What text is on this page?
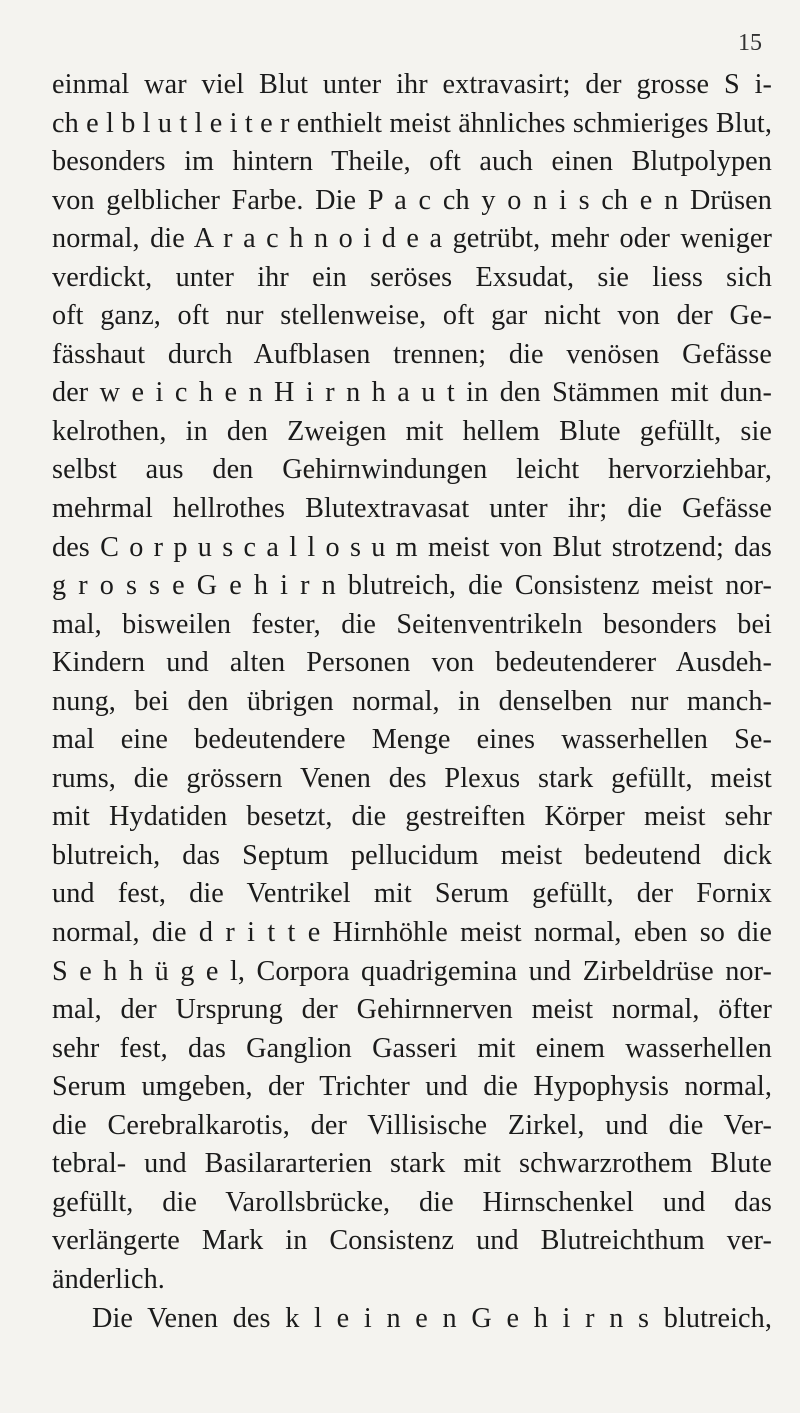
15
einmal war viel Blut unter ihr extravasirt; der grosse S i-
ch e l b l u t l e i t e r enthielt meist ähnliches schmieriges Blut,
besonders im hintern Theile, oft auch einen Blutpolypen
von gelblicher Farbe. Die P a c ch y o n i s ch e n Drüsen
normal, die A r a c h n o i d e a getrübt, mehr oder weniger
verdickt, unter ihr ein seröses Exsudat, sie liess sich
oft ganz, oft nur stellenweise, oft gar nicht von der Ge-
fässhaut durch Aufblasen trennen; die venösen Gefässe
der w e i c h e n H i r n h a u t in den Stämmen mit dun-
kelrothen, in den Zweigen mit hellem Blute gefüllt, sie
selbst aus den Gehirnwindungen leicht hervorziehbar,
mehrmal hellrothes Blutextravasat unter ihr; die Gefässe
des C o r p u s c a l l o s u m meist von Blut strotzend; das
g r o s s e G e h i r n blutreich, die Consistenz meist nor-
mal, bisweilen fester, die Seitenventrikeln besonders bei
Kindern und alten Personen von bedeutenderer Ausdeh-
nung, bei den übrigen normal, in denselben nur manch-
mal eine bedeutendere Menge eines wasserhellen Se-
rums, die grössern Venen des Plexus stark gefüllt, meist
mit Hydatiden besetzt, die gestreiften Körper meist sehr
blutreich, das Septum pellucidum meist bedeutend dick
und fest, die Ventrikel mit Serum gefüllt, der Fornix
normal, die d r i t t e Hirnhöhle meist normal, eben so die
S e h h ü g e l, Corpora quadrigemina und Zirbeldrüse nor-
mal, der Ursprung der Gehirnnerven meist normal, öfter
sehr fest, das Ganglion Gasseri mit einem wasserhellen
Serum umgeben, der Trichter und die Hypophysis normal,
die Cerebralkarotis, der Villisische Zirkel, und die Ver-
tebral- und Basilararterien stark mit schwarzrothem Blute
gefüllt, die Varollsbrücke, die Hirnschenkel und das
verlängerte Mark in Consistenz und Blutreichthum ver-
änderlich.
Die Venen des k l e i n e n G e h i r n s blutreich,
